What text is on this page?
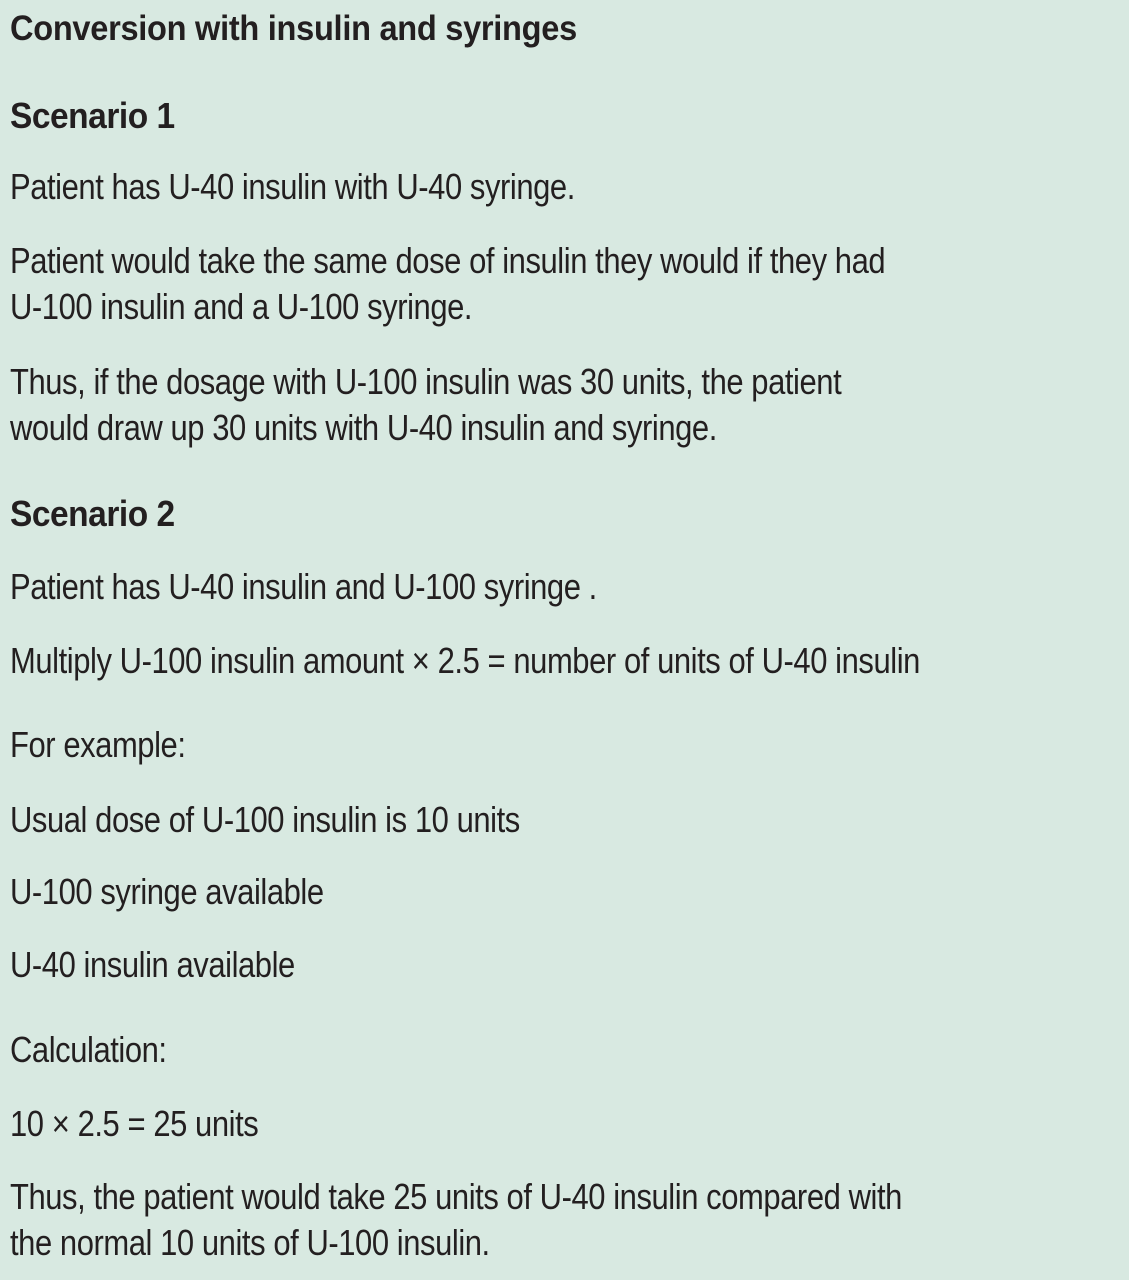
Conversion with insulin and syringes

Scenario 1

Patient has U-40 insulin with U-40 syringe.

Patient would take the same dose of insulin they would if they had

U-100 insulin and a U-100 syringe.

Thus, if the dosage with U-100 insulin was 30 units, the patient

would draw up 30 units with U-40 insulin and syringe.

Scenario 2

Patient has U-40 insulin and U-100 syringe .

Multiply U-100 insulin amount × 2.5 = number of units of U-40 insulin

For example:

Usual dose of U-100 insulin is 10 units

U-100 syringe available

U-40 insulin available

Calculation:

10 × 2.5 = 25 units

Thus, the patient would take 25 units of U-40 insulin compared with

the normal 10 units of U-100 insulin.
